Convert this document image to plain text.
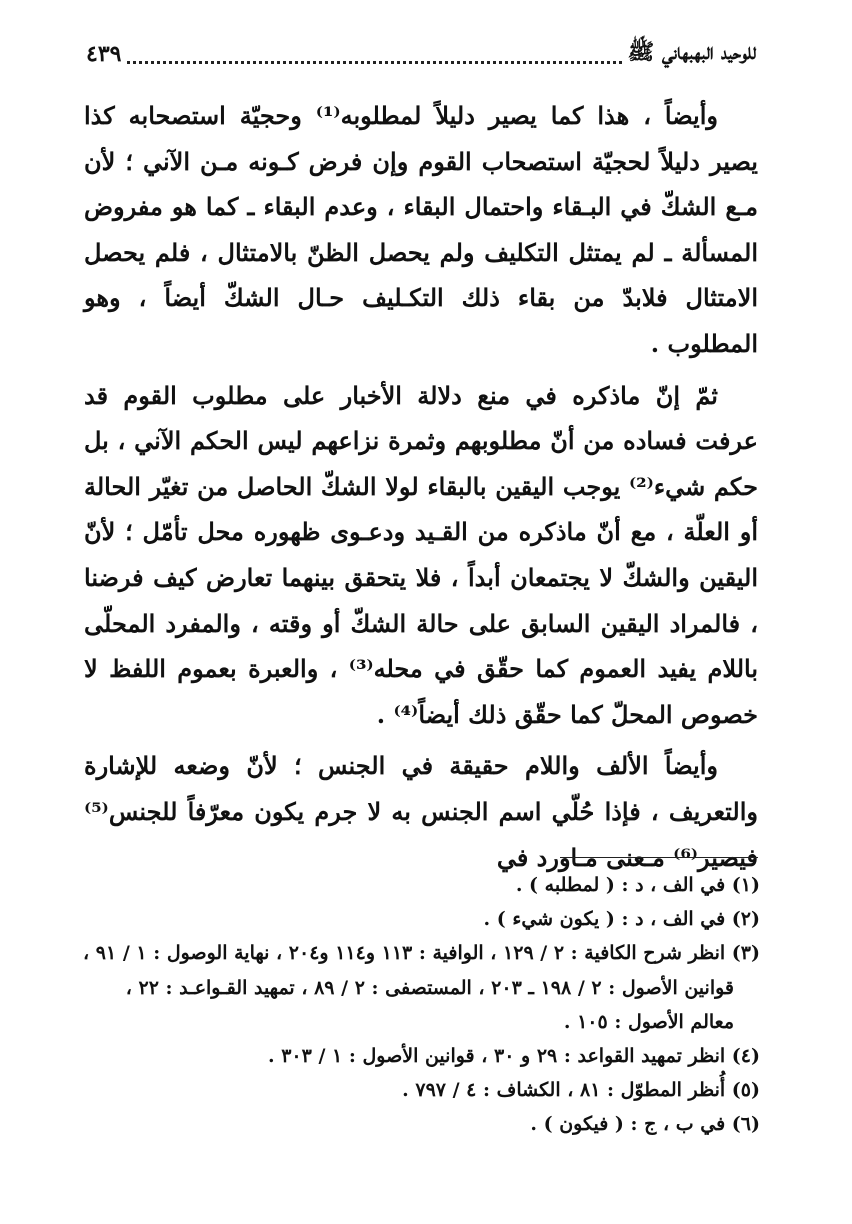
للوحيد البهبهاني ﷺ
٤٣٩

وأيضاً ، هذا كما يصير دليلاً لمطلوبه⁽¹⁾ وحجيّة استصحابه كذا يصير دليلاً لحجيّة استصحاب القوم وإن فرض كـونه مـن الآني ؛ لأن مـع الشكّ في البـقاء واحتمال البقاء ، وعدم البقاء ـ كما هو مفروض المسألة ـ لم يمتثل التكليف ولم يحصل الظنّ بالامتثال ، فلم يحصل الامتثال فلابدّ من بقاء ذلك التكـليف حـال الشكّ أيضاً ، وهو المطلوب .

ثمّ إنّ ماذكره في منع دلالة الأخبار على مطلوب القوم قد عرفت فساده من أنّ مطلوبهم وثمرة نزاعهم ليس الحكم الآني ، بل حكم شيء⁽²⁾ يوجب اليقين بالبقاء لولا الشكّ الحاصل من تغيّر الحالة أو العلّة ، مع أنّ ماذكره من القـيد ودعـوى ظهوره محل تأمّل ؛ لأنّ اليقين والشكّ لا يجتمعان أبداً ، فلا يتحقق بينهما تعارض كيف فرضنا ، فالمراد اليقين السابق على حالة الشكّ أو وقته ، والمفرد المحلّى باللام يفيد العموم كما حقّق في محله⁽³⁾ ، والعبرة بعموم اللفظ لا خصوص المحلّ كما حقّق ذلك أيضاً⁽⁴⁾ .

وأيضاً الألف واللام حقيقة في الجنس ؛ لأنّ وضعه للإشارة والتعريف ، فإذا حُلّي اسم الجنس به لا جرم يكون معرّفاً للجنس⁽⁵⁾فيصير⁽⁶⁾ مـعنى مـاورد في

(١) في الف ، د : ( لمطلبه ) .

(٢) في الف ، د : ( يكون شيء ) .

(٣) انظر شرح الكافية : ٢ / ١٢٩ ، الوافية : ١١٣ و١١٤ و٢٠٤ ، نهاية الوصول : ١ / ٩١ ، قوانين الأصول : ٢ / ١٩٨ ـ ٢٠٣ ، المستصفى : ٢ / ٨٩ ، تمهيد القـواعـد : ٢٢ ، معالم الأصول : ١٠٥ .

(٤) انظر تمهيد القواعد : ٢٩ و ٣٠ ، قوانين الأصول : ١ / ٣٠٣ .

(٥) أُنظر المطوّل : ٨١ ، الكشاف : ٤ / ٧٩٧ .

(٦) في ب ، ج : ( فيكون ) .
